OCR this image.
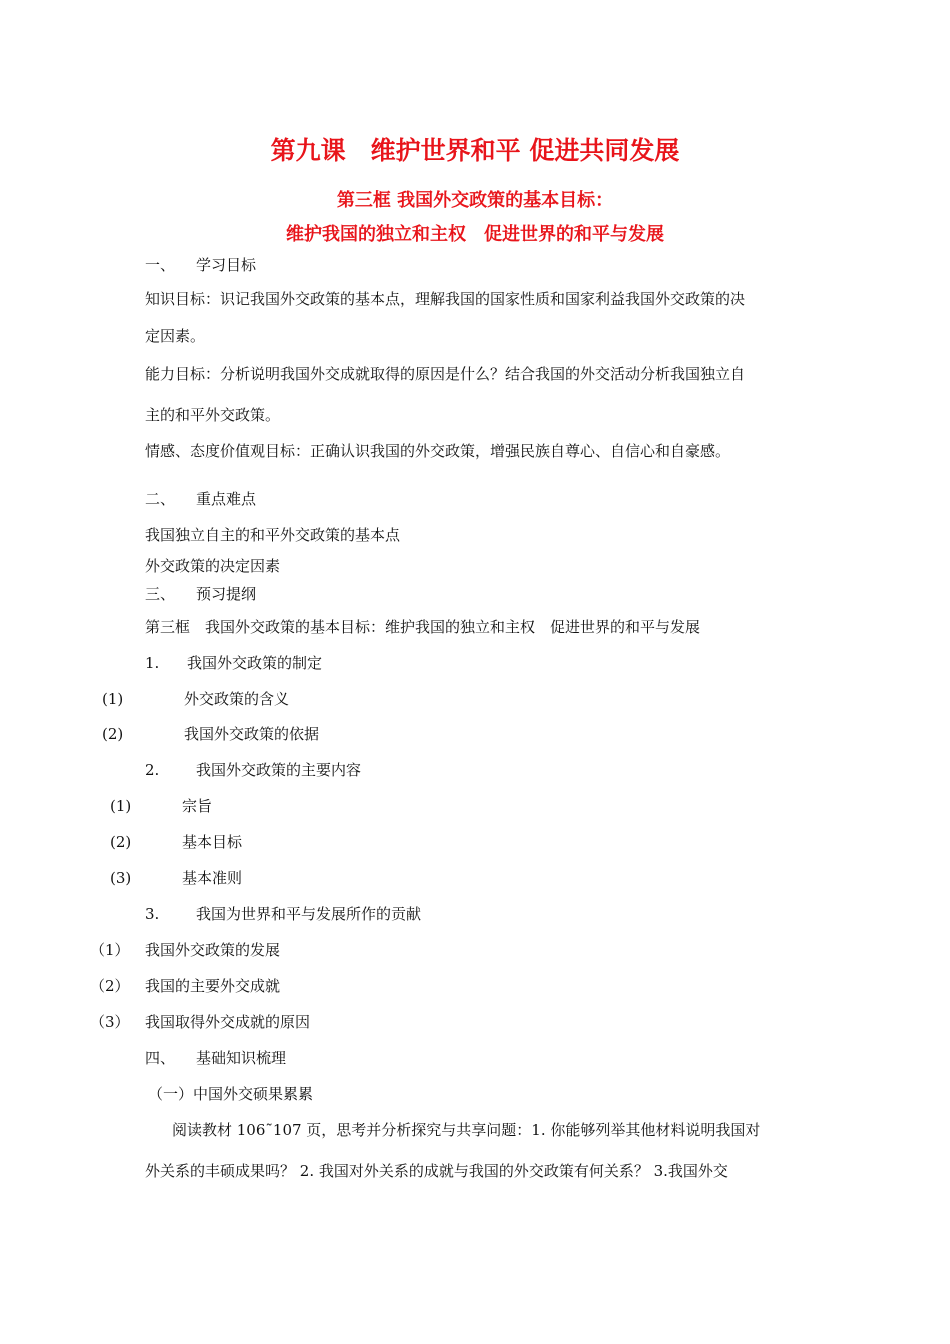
第九课　维护世界和平 促进共同发展
第三框 我国外交政策的基本目标：
维护我国的独立和主权　促进世界的和平与发展
一、 学习目标
知识目标：识记我国外交政策的基本点，理解我国的国家性质和国家利益我国外交政策的决
定因素。
能力目标：分析说明我国外交成就取得的原因是什么？结合我国的外交活动分析我国独立自
主的和平外交政策。
情感、态度价值观目标：正确认识我国的外交政策，增强民族自尊心、自信心和自豪感。
二、 重点难点
我国独立自主的和平外交政策的基本点
外交政策的决定因素
三、 预习提纲
第三框　我国外交政策的基本目标：维护我国的独立和主权　促进世界的和平与发展
1. 我国外交政策的制定
(1)	外交政策的含义
(2)	我国外交政策的依据
2. 我国外交政策的主要内容
(1)	宗旨
(2)	基本目标
(3)	基本准则
3. 我国为世界和平与发展所作的贡献
（1） 我国外交政策的发展
（2） 我国的主要外交成就
（3） 我国取得外交成就的原因
四、 基础知识梳理
（一）中国外交硕果累累
阅读教材 106˜107 页，思考并分析探究与共享问题：1. 你能够列举其他材料说明我国对
外关系的丰硕成果吗？ 2. 我国对外关系的成就与我国的外交政策有何关系？ 3.我国外交
